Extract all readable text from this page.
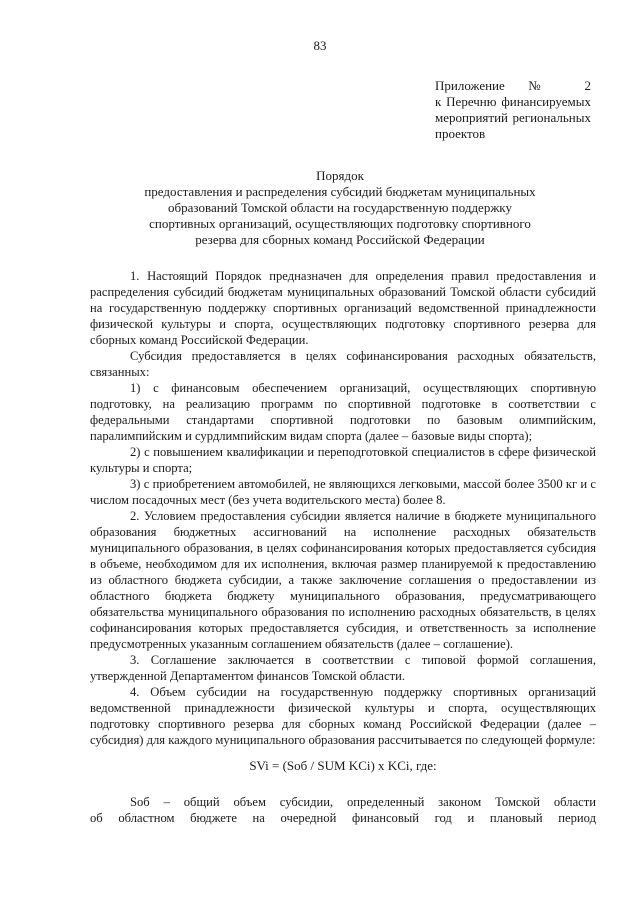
83
Приложение № 2
к Перечню финансируемых
мероприятий региональных
проектов
Порядок
предоставления и распределения субсидий бюджетам муниципальных
образований Томской области на государственную поддержку
спортивных организаций, осуществляющих подготовку спортивного
резерва для сборных команд Российской Федерации

1. Настоящий Порядок предназначен для определения правил предоставления и распределения субсидий бюджетам муниципальных образований Томской области субсидий на государственную поддержку спортивных организаций ведомственной принадлежности физической культуры и спорта, осуществляющих подготовку спортивного резерва для сборных команд Российской Федерации.

Субсидия предоставляется в целях софинансирования расходных обязательств, связанных:

1) с финансовым обеспечением организаций, осуществляющих спортивную подготовку, на реализацию программ по спортивной подготовке в соответствии с федеральными стандартами спортивной подготовки по базовым олимпийским, паралимпийским и сурдлимпийским видам спорта (далее – базовые виды спорта);

2) с повышением квалификации и переподготовкой специалистов в сфере физической культуры и спорта;

3) с приобретением автомобилей, не являющихся легковыми, массой более 3500 кг и с числом посадочных мест (без учета водительского места) более 8.

2. Условием предоставления субсидии является наличие в бюджете муниципального образования бюджетных ассигнований на исполнение расходных обязательств муниципального образования, в целях софинансирования которых предоставляется субсидия в объеме, необходимом для их исполнения, включая размер планируемой к предоставлению из областного бюджета субсидии, а также заключение соглашения о предоставлении из областного бюджета бюджету муниципального образования, предусматривающего обязательства муниципального образования по исполнению расходных обязательств, в целях софинансирования которых предоставляется субсидия, и ответственность за исполнение предусмотренных указанным соглашением обязательств (далее – соглашение).

3. Соглашение заключается в соответствии с типовой формой соглашения, утвержденной Департаментом финансов Томской области.

4. Объем субсидии на государственную поддержку спортивных организаций ведомственной принадлежности физической культуры и спорта, осуществляющих подготовку спортивного резерва для сборных команд Российской Федерации (далее – субсидия) для каждого муниципального образования рассчитывается по следующей формуле:

SVi = (Sоб / SUM KCi) x KCi, где:

Sоб – общий объем субсидии, определенный законом Томской области
об областном бюджете на очередной финансовый год и плановый период
